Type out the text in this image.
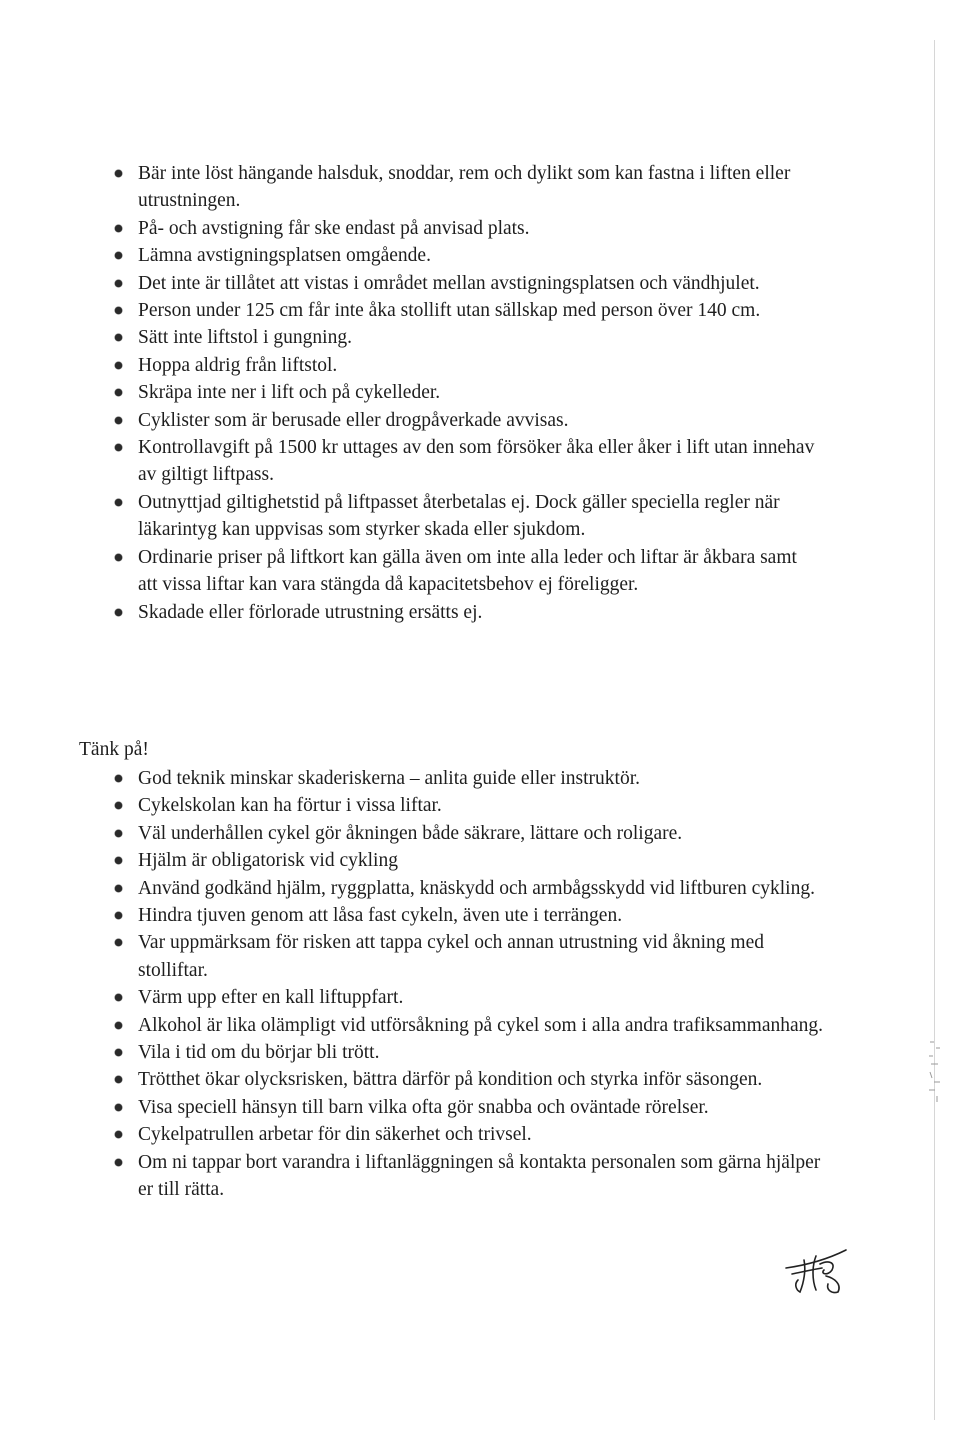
Bär inte löst hängande halsduk, snoddar, rem och dylikt som kan fastna i liften eller utrustningen.
På- och avstigning får ske endast på anvisad plats.
Lämna avstigningsplatsen omgående.
Det inte är tillåtet att vistas i området mellan avstigningsplatsen och vändhjulet.
Person under 125 cm får inte åka stollift utan sällskap med person över 140 cm.
Sätt inte liftstol i gungning.
Hoppa aldrig från liftstol.
Skräpa inte ner i lift och på cykelleder.
Cyklister som är berusade eller drogpåverkade avvisas.
Kontrollavgift på 1500 kr uttages av den som försöker åka eller åker i lift utan innehav av giltigt liftpass.
Outnyttjad giltighetstid på liftpasset återbetalas ej. Dock gäller speciella regler när läkarintyg kan uppvisas som styrker skada eller sjukdom.
Ordinarie priser på liftkort kan gälla även om inte alla leder och liftar är åkbara samt att vissa liftar kan vara stängda då kapacitetsbehov ej föreligger.
Skadade eller förlorade utrustning ersätts ej.
Tänk på!
God teknik minskar skaderiskerna – anlita guide eller instruktör.
Cykelskolan kan ha förtur i vissa liftar.
Väl underhållen cykel gör åkningen både säkrare, lättare och roligare.
Hjälm är obligatorisk vid cykling
Använd godkänd hjälm, ryggplatta, knäskydd och armbågsskydd vid liftburen cykling.
Hindra tjuven genom att låsa fast cykeln, även ute i terrängen.
Var uppmärksam för risken att tappa cykel och annan utrustning vid åkning med stolliftar.
Värm upp efter en kall liftuppfart.
Alkohol är lika olämpligt vid utförsåkning på cykel som i alla andra trafiksammanhang.
Vila i tid om du börjar bli trött.
Trötthet ökar olycksrisken, bättra därför på kondition och styrka inför säsongen.
Visa speciell hänsyn till barn vilka ofta gör snabba och oväntade rörelser.
Cykelpatrullen arbetar för din säkerhet och trivsel.
Om ni tappar bort varandra i liftanläggningen så kontakta personalen som gärna hjälper er till rätta.
